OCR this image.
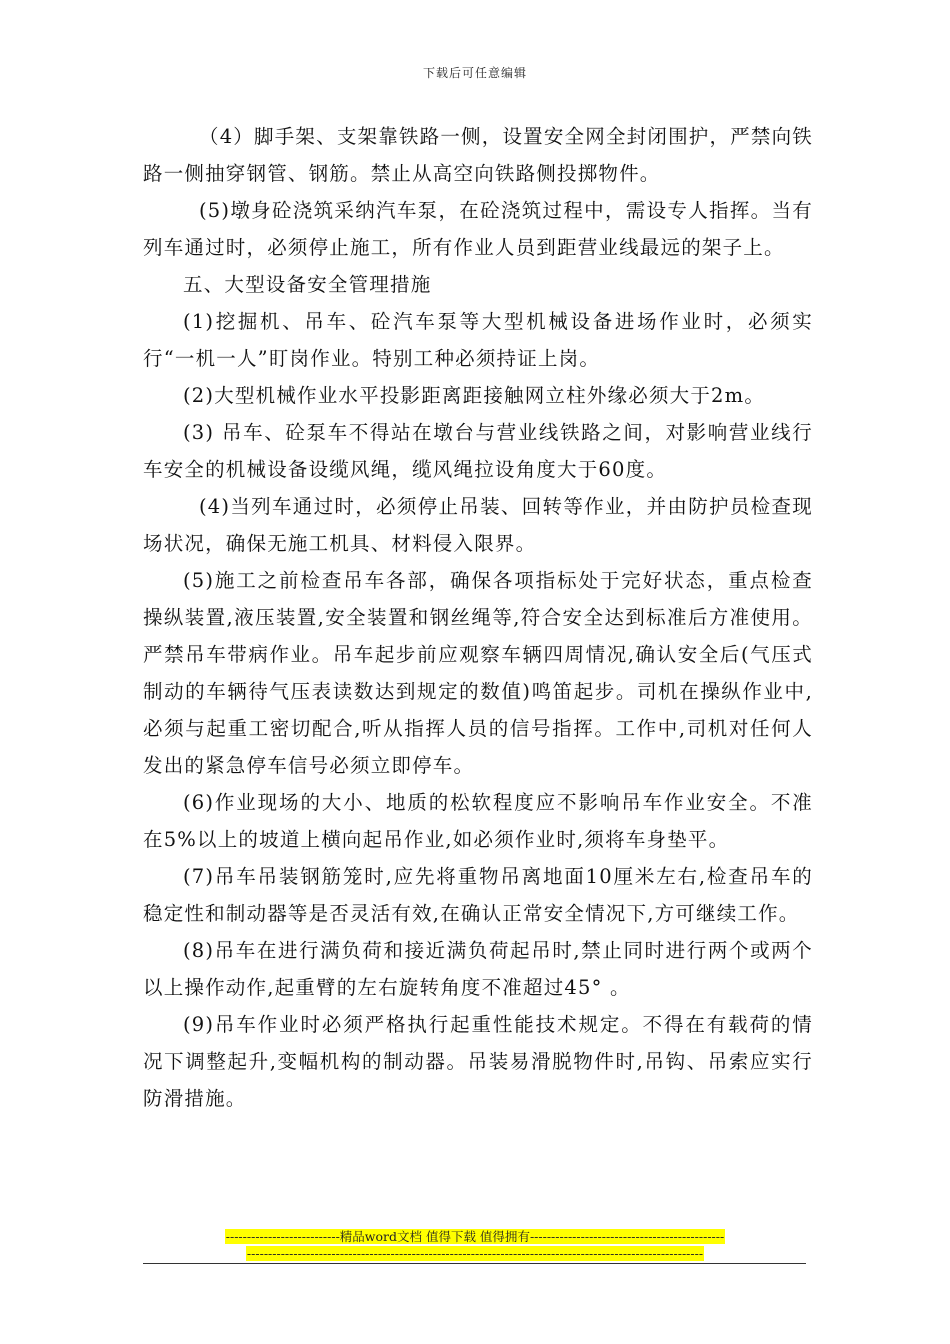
下载后可任意编辑

（4）脚手架、支架靠铁路一侧，设置安全网全封闭围护，严禁向铁路一侧抽穿钢管、钢筋。禁止从高空向铁路侧投掷物件。

(5)墩身砼浇筑采纳汽车泵，在砼浇筑过程中，需设专人指挥。当有列车通过时，必须停止施工，所有作业人员到距营业线最远的架子上。

五、大型设备安全管理措施

(1)挖掘机、吊车、砼汽车泵等大型机械设备进场作业时，必须实行“一机一人”盯岗作业。特别工种必须持证上岗。

(2)大型机械作业水平投影距离距接触网立柱外缘必须大于2m。

(3) 吊车、砼泵车不得站在墩台与营业线铁路之间，对影响营业线行车安全的机械设备设缆风绳，缆风绳拉设角度大于60度。

(4)当列车通过时，必须停止吊装、回转等作业，并由防护员检查现场状况，确保无施工机具、材料侵入限界。

(5)施工之前检查吊车各部，确保各项指标处于完好状态，重点检查操纵装置,液压装置,安全装置和钢丝绳等,符合安全达到标准后方准使用。严禁吊车带病作业。吊车起步前应观察车辆四周情况,确认安全后(气压式制动的车辆待气压表读数达到规定的数值)鸣笛起步。司机在操纵作业中,必须与起重工密切配合,听从指挥人员的信号指挥。工作中,司机对任何人发出的紧急停车信号必须立即停车。

(6)作业现场的大小、地质的松软程度应不影响吊车作业安全。不准在5%以上的坡道上横向起吊作业,如必须作业时,须将车身垫平。

(7)吊车吊装钢筋笼时,应先将重物吊离地面10厘米左右,检查吊车的稳定性和制动器等是否灵活有效,在确认正常安全情况下,方可继续工作。

(8)吊车在进行满负荷和接近满负荷起吊时,禁止同时进行两个或两个以上操作动作,起重臂的左右旋转角度不准超过45° 。

(9)吊车作业时必须严格执行起重性能技术规定。不得在有载荷的情况下调整起升,变幅机构的制动器。吊装易滑脱物件时,吊钩、吊索应实行防滑措施。

---------------------------精品word文档 值得下载 值得拥有----------------------------------------------
------------------------------------------------------------------------------------------------------------
